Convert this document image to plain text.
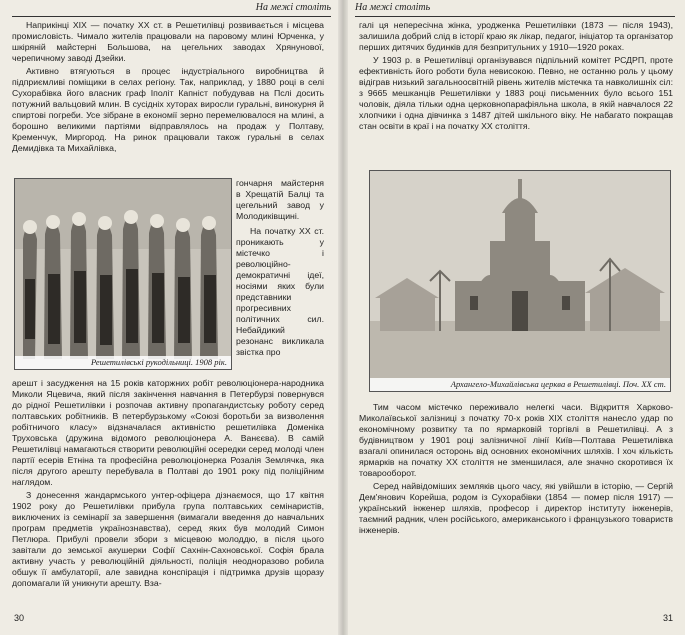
На межі століть

Наприкінці XIX — початку XX ст. в Решетилівці розвивається і місцева промисловість. Чимало жителів працювали на паровому млині Юрченка, у шкіряній майстерні Большова, на цегельних заводах Хрянунової, черепичному заводі Дзейки.

Активно втягуються в процес індустріального виробництва й підприємливі поміщики в селах регіону. Так, наприклад, у 1880 році в селі Сухорабівка його власник граф Іполіт Капніст побудував на Пслі досить потужний вальцовий млин. В сусідніх хуторах виросли гуральні, винокурня й спиртові погреби. Усе зібране в економії зерно перемелювалося на млині, а борошно великими партіями відправлялось на продаж у Полтаву, Кременчук, Миргород. На ринок працювали також гуральні в селах Демидівка та Михайлівка,

Решетилівські рукодільниці. 1908 рік.

гончарня майстерня в Хрещатій Балці та цегельний завод у Молодиківщині.

На початку XX ст. проникають у містечко і революційно-демократичні ідеї, носіями яких були представники прогресивних політичних сил. Небайдикий резонанс викликала звістка про

арешт і засудження на 15 років каторжних робіт революціонера-народника Миколи Яцевича, який після закінчення навчання в Петербурзі повернувся до рідної Решетилівки і розпочав активну пропагандистську роботу серед полтавських робітників. В петербурзькому «Союзі боротьби за визволення робітничого класу» відзначалася активністю решетилівка Доменіка Труховська (дружина відомого революціонера А. Ванєєва). В самій Решетилівці намагаються створити революційні осередки серед молоді член партії есерів Етніна та професійна революціонерка Розалія Землячка, яка після другого арешту перебувала в Полтаві до 1901 року під поліційним наглядом.

З донесення жандармського унтер-офіцера дізнаємося, що 17 квітня 1902 року до Решетилівки прибула група полтавських семінаристів, виключених із семінарії за завершення (вимагали введення до навчальних програм предметів українознавства), серед яких був молодий Симон Петлюра. Прибулі провели збори з місцевою молоддю, в після цього завітали до земської акушерки Софії Сахнін-Сахновської. Софія брала активну участь у революційній діяльності, поліція неодноразово робила обшук її амбулаторії, але завидна конспірація і підтримка друзів щоразу допомагали їй уникнути арешту. Вза-

30
На межі століть

галі ця непересічна жінка, уродженка Решетилівки (1873 — після 1943), залишила добрий слід в історії краю як лікар, педагог, ініціатор та організатор перших дитячих будинків для безпритульних у 1910—1920 роках.

У 1903 р. в Решетилівці організувався підпільний комітет РСДРП, проте ефективність його роботи була невисокою. Певно, не останню роль у цьому відіграв низький загальноосвітній рівень жителів містечка та навколишніх сіл: з 9665 мешканців Решетилівки у 1883 році письменних було всього 151 чоловік, діяла тільки одна церковнопарафіяльна школа, в якій навчалося 22 хлопчики і одна дівчинка з 1487 дітей шкільного віку. Не набагато покращав стан освіти в краї і на початку XX століття.

Архангело-Михайлівська церква в Решетилівці. Поч. XX ст.

Тим часом містечко переживало нелегкі часи. Відкриття Харково-Миколаївської залізниці з початку 70-х років XIX століття нанесло удар по економічному розвитку та по ярмарковій торгівлі в Решетилівці. А з будівництвом у 1901 році залізничної лінії Київ—Полтава Решетилівка взагалі опинилася осторонь від основних економічних шляхів. І хоч кількість ярмарків на початку XX століття не зменшилася, але значно скоротився їх товарооборот.

Серед найвідоміших земляків цього часу, які увійшли в історію, — Сергій Дем'янович Корейша, родом із Сухорабівки (1854 — помер після 1917) — український інженер шляхів, професор і директор інституту інженерів, таємний радник, член російського, американського і французького товариств інженерів.

31
